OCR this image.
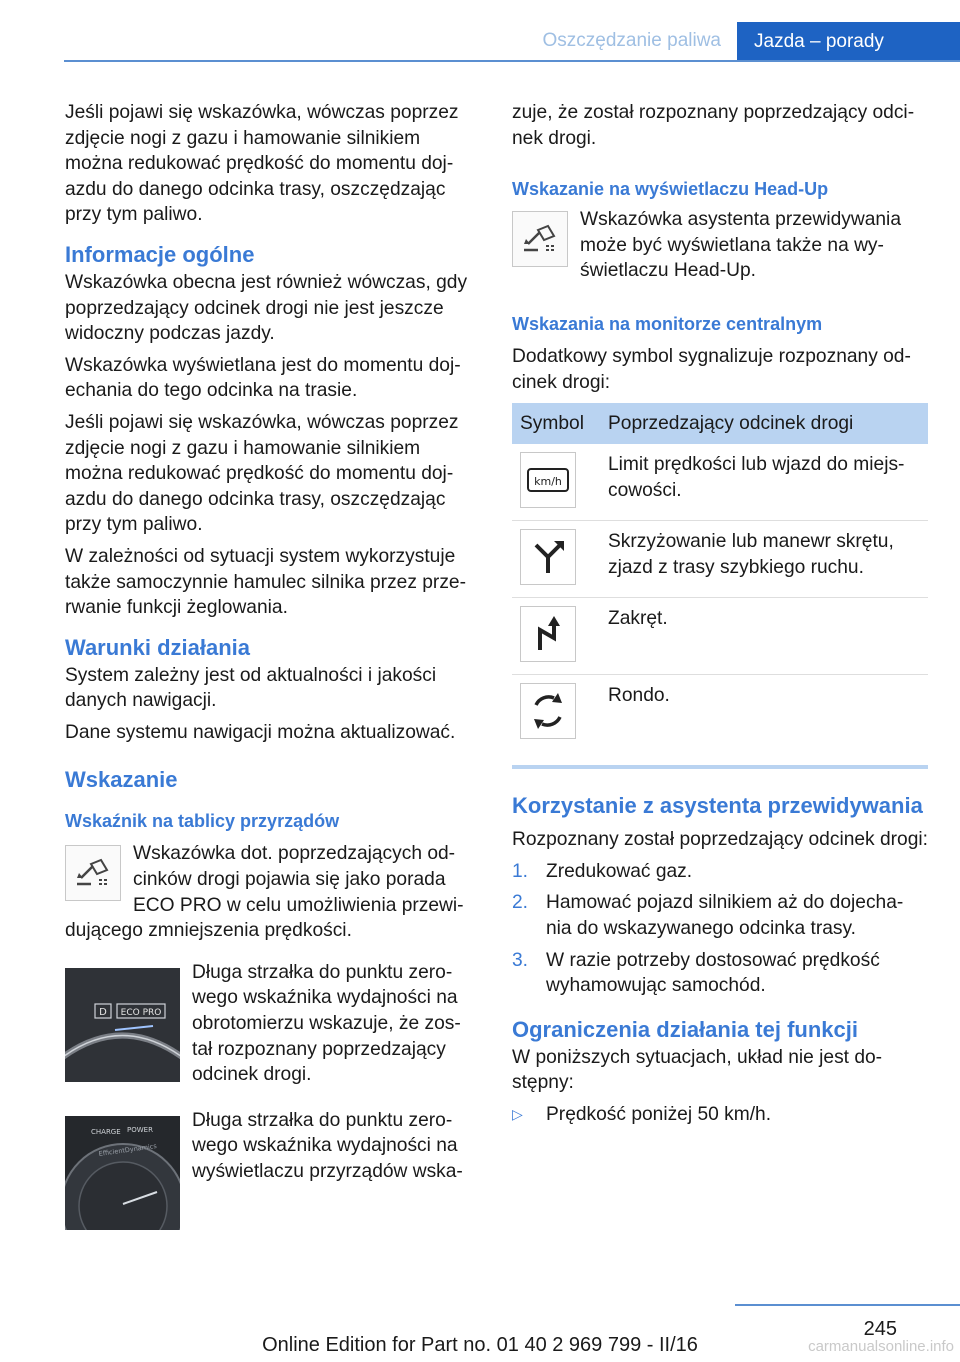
Oszczędzanie paliwa	Jazda – porady

Jeśli pojawi się wskazówka, wówczas poprzez zdjęcie nogi z gazu i hamowanie silnikiem można redukować prędkość do momentu doj‐azdu do danego odcinka trasy, oszczędzając przy tym paliwo.

Informacje ogólne

Wskazówka obecna jest również wówczas, gdy poprzedzający odcinek drogi nie jest jeszcze widoczny podczas jazdy.

Wskazówka wyświetlana jest do momentu doj‐echania do tego odcinka na trasie.

Jeśli pojawi się wskazówka, wówczas poprzez zdjęcie nogi z gazu i hamowanie silnikiem można redukować prędkość do momentu doj‐azdu do danego odcinka trasy, oszczędzając przy tym paliwo.

W zależności od sytuacji system wykorzystuje także samoczynnie hamulec silnika przez prze‐rwanie funkcji żeglowania.

Warunki działania

System zależny jest od aktualności i jakości danych nawigacji.

Dane systemu nawigacji można aktualizować.

Wskazanie
Wskaźnik na tablicy przyrządów

Wskazówka dot. poprzedzających od‐cinków drogi pojawia się jako porada ECO PRO w celu umożliwienia przewi‐dującego zmniejszenia prędkości.

D ECO PRO

Długa strzałka do punktu zero‐wego wskaźnika wydajności na obrotomierzu wskazuje, że zos‐tał rozpoznany poprzedzający odcinek drogi.

CHARGE POWER
EfficientDynamics

Długa strzałka do punktu zero‐wego wskaźnika wydajności na wyświetlaczu przyrządów wska‐

zuje, że został rozpoznany poprzedzający odci‐nek drogi.

Wskazanie na wyświetlaczu Head-Up

Wskazówka asystenta przewidywania może być wyświetlana także na wy‐świetlaczu Head-Up.

Wskazania na monitorze centralnym

Dodatkowy symbol sygnalizuje rozpoznany od‐cinek drogi:

Symbol	Poprzedzający odcinek drogi

km/h	Limit prędkości lub wjazd do miejs‐cowości.

	Skrzyżowanie lub manewr skrętu, zjazd z trasy szybkiego ruchu.

	Zakręt.

	Rondo.
Korzystanie z asystenta przewidywania

Rozpoznany został poprzedzający odcinek drogi:

1. Zredukować gaz.
2. Hamować pojazd silnikiem aż do dojecha‐nia do wskazywanego odcinka trasy.
3. W razie potrzeby dostosować prędkość wyhamowując samochód.
Ograniczenia działania tej funkcji

W poniższych sytuacjach, układ nie jest do‐stępny:

▷	Prędkość poniżej 50 km/h.
245
Online Edition for Part no. 01 40 2 969 799 - II/16	carmanualsonline.info
